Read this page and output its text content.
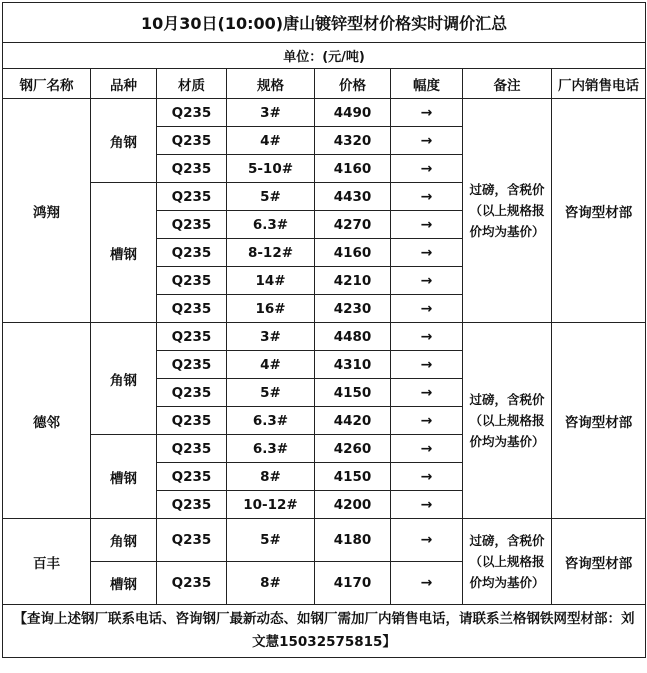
10月30日(10:00)唐山镀锌型材价格实时调价汇总							
单位：(元/吨)							
钢厂名称	品种	材质	规格	价格	幅度	备注	厂内销售电话
鸿翔	角钢	Q235	3#	4490	→	过磅，含税价（以上规格报价均为基价）	咨询型材部
		Q235	4#	4320	→		
		Q235	5-10#	4160	→		
	槽钢	Q235	5#	4430	→		
		Q235	6.3#	4270	→		
		Q235	8-12#	4160	→		
		Q235	14#	4210	→		
		Q235	16#	4230	→		
德邻	角钢	Q235	3#	4480	→	过磅，含税价（以上规格报价均为基价）	咨询型材部
		Q235	4#	4310	→		
		Q235	5#	4150	→		
		Q235	6.3#	4420	→		
	槽钢	Q235	6.3#	4260	→		
		Q235	8#	4150	→		
		Q235	10-12#	4200	→		
百丰	角钢	Q235	5#	4180	→	过磅，含税价（以上规格报价均为基价）	咨询型材部
	槽钢	Q235	8#	4170	→		
【查询上述钢厂联系电话、咨询钢厂最新动态、如钢厂需加厂内销售电话，请联系兰格钢铁网型材部：刘文慧15032575815】							
